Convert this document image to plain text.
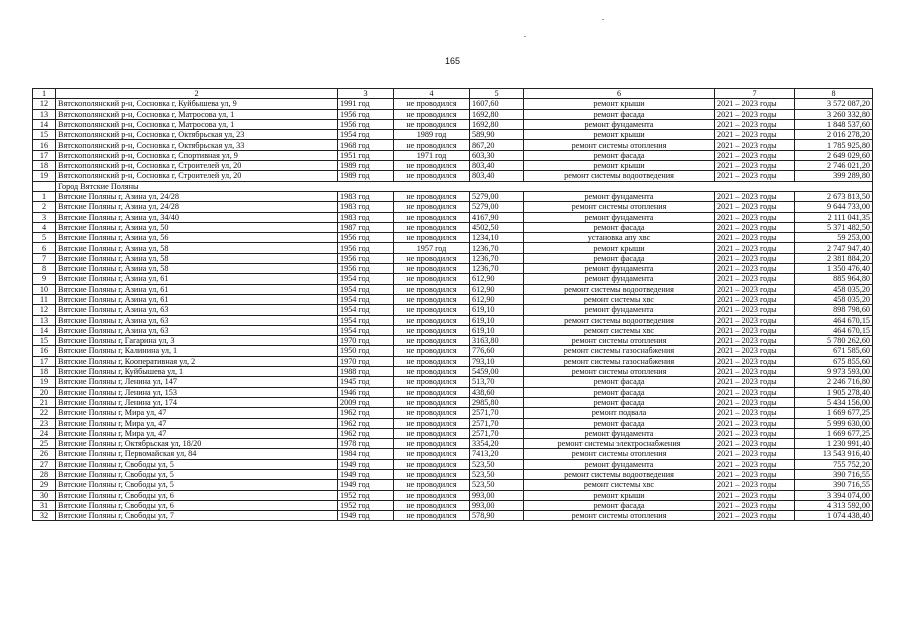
165
1	2	3	4	5	6	7	8
12	Вятскополянский р-н, Сосновка г, Куйбышева ул, 9	1991 год	не проводился	1607,60	ремонт крыши	2021 – 2023 годы	3 572 087,20
13	Вятскополянский р-н, Сосновка г, Матросова ул, 1	1956 год	не проводился	1692,80	ремонт фасада	2021 – 2023 годы	3 260 332,80
14	Вятскополянский р-н, Сосновка г, Матросова ул, 1	1956 год	не проводился	1692,80	ремонт фундамента	2021 – 2023 годы	1 848 537,60
15	Вятскополянский р-н, Сосновка г, Октябрьская ул, 23	1954 год	1989 год	589,90	ремонт крыши	2021 – 2023 годы	2 016 278,20
16	Вятскополянский р-н, Сосновка г, Октябрьская ул, 33	1968 год	не проводился	867,20	ремонт системы отопления	2021 – 2023 годы	1 785 925,80
17	Вятскополянский р-н, Сосновка г, Спортивная ул, 9	1951 год	1971 год	603,30	ремонт фасада	2021 – 2023 годы	2 649 029,60
18	Вятскополянский р-н, Сосновка г, Строителей ул, 20	1989 год	не проводился	803,40	ремонт крыши	2021 – 2023 годы	2 746 021,20
19	Вятскополянский р-н, Сосновка г, Строителей ул, 20	1989 год	не проводился	803,40	ремонт системы водоотведения	2021 – 2023 годы	399 289,80
	Город Вятские Поляны						
1	Вятские Поляны г, Азина ул, 24/28	1983 год	не проводился	5279,00	ремонт фундамента	2021 – 2023 годы	2 673 813,50
2	Вятские Поляны г, Азина ул, 24/28	1983 год	не проводился	5279,00	ремонт системы отопления	2021 – 2023 годы	9 644 733,00
3	Вятские Поляны г, Азина ул, 34/40	1983 год	не проводился	4167,90	ремонт фундамента	2021 – 2023 годы	2 111 041,35
4	Вятские Поляны г, Азина ул, 50	1987 год	не проводился	4502,50	ремонт фасада	2021 – 2023 годы	5 371 482,50
5	Вятские Поляны г, Азина ул, 56	1956 год	не проводился	1234,10	установка апу хвс	2021 – 2023 годы	59 253,00
6	Вятские Поляны г, Азина ул, 58	1956 год	1957 год	1236,70	ремонт крыши	2021 – 2023 годы	2 747 947,40
7	Вятские Поляны г, Азина ул, 58	1956 год	не проводился	1236,70	ремонт фасада	2021 – 2023 годы	2 381 884,20
8	Вятские Поляны г, Азина ул, 58	1956 год	не проводился	1236,70	ремонт фундамента	2021 – 2023 годы	1 350 476,40
9	Вятские Поляны г, Азина ул, 61	1954 год	не проводился	612,90	ремонт фундамента	2021 – 2023 годы	885 964,80
10	Вятские Поляны г, Азина ул, 61	1954 год	не проводился	612,90	ремонт системы водоотведения	2021 – 2023 годы	458 035,20
11	Вятские Поляны г, Азина ул, 61	1954 год	не проводился	612,90	ремонт системы хвс	2021 – 2023 годы	458 035,20
12	Вятские Поляны г, Азина ул, 63	1954 год	не проводился	619,10	ремонт фундамента	2021 – 2023 годы	898 798,60
13	Вятские Поляны г, Азина ул, 63	1954 год	не проводился	619,10	ремонт системы водоотведения	2021 – 2023 годы	464 670,15
14	Вятские Поляны г, Азина ул, 63	1954 год	не проводился	619,10	ремонт системы хвс	2021 – 2023 годы	464 670,15
15	Вятские Поляны г, Гагарина ул, 3	1970 год	не проводился	3163,80	ремонт системы отопления	2021 – 2023 годы	5 780 262,60
16	Вятские Поляны г, Калинина ул, 1	1950 год	не проводился	776,60	ремонт системы газоснабжения	2021 – 2023 годы	671 585,60
17	Вятские Поляны г, Кооперативная ул, 2	1970 год	не проводился	793,10	ремонт системы газоснабжения	2021 – 2023 годы	675 855,60
18	Вятские Поляны г, Куйбышева ул, 1	1988 год	не проводился	5459,00	ремонт системы отопления	2021 – 2023 годы	9 973 593,00
19	Вятские Поляны г, Ленина ул, 147	1945 год	не проводился	513,70	ремонт фасада	2021 – 2023 годы	2 246 716,80
20	Вятские Поляны г, Ленина ул, 153	1946 год	не проводился	438,60	ремонт фасада	2021 – 2023 годы	1 905 278,40
21	Вятские Поляны г, Ленина ул, 174	2009 год	не проводился	2985,80	ремонт фасада	2021 – 2023 годы	5 434 156,00
22	Вятские Поляны г, Мира ул, 47	1962 год	не проводился	2571,70	ремонт подвала	2021 – 2023 годы	1 669 677,25
23	Вятские Поляны г, Мира ул, 47	1962 год	не проводился	2571,70	ремонт фасада	2021 – 2023 годы	5 999 630,00
24	Вятские Поляны г, Мира ул, 47	1962 год	не проводился	2571,70	ремонт фундамента	2021 – 2023 годы	1 669 677,25
25	Вятские Поляны г, Октябрьская ул, 18/20	1978 год	не проводился	3354,20	ремонт системы электроснабжения	2021 – 2023 годы	1 230 991,40
26	Вятские Поляны г, Первомайская ул, 84	1984 год	не проводился	7413,20	ремонт системы отопления	2021 – 2023 годы	13 543 916,40
27	Вятские Поляны г, Свободы ул, 5	1949 год	не проводился	523,50	ремонт фундамента	2021 – 2023 годы	755 752,20
28	Вятские Поляны г, Свободы ул, 5	1949 год	не проводился	523,50	ремонт системы водоотведения	2021 – 2023 годы	390 716,55
29	Вятские Поляны г, Свободы ул, 5	1949 год	не проводился	523,50	ремонт системы хвс	2021 – 2023 годы	390 716,55
30	Вятские Поляны г, Свободы ул, 6	1952 год	не проводился	993,00	ремонт крыши	2021 – 2023 годы	3 394 074,00
31	Вятские Поляны г, Свободы ул, 6	1952 год	не проводился	993,00	ремонт фасада	2021 – 2023 годы	4 313 592,00
32	Вятские Поляны г, Свободы ул, 7	1949 год	не проводился	578,90	ремонт системы отопления	2021 – 2023 годы	1 074 438,40
